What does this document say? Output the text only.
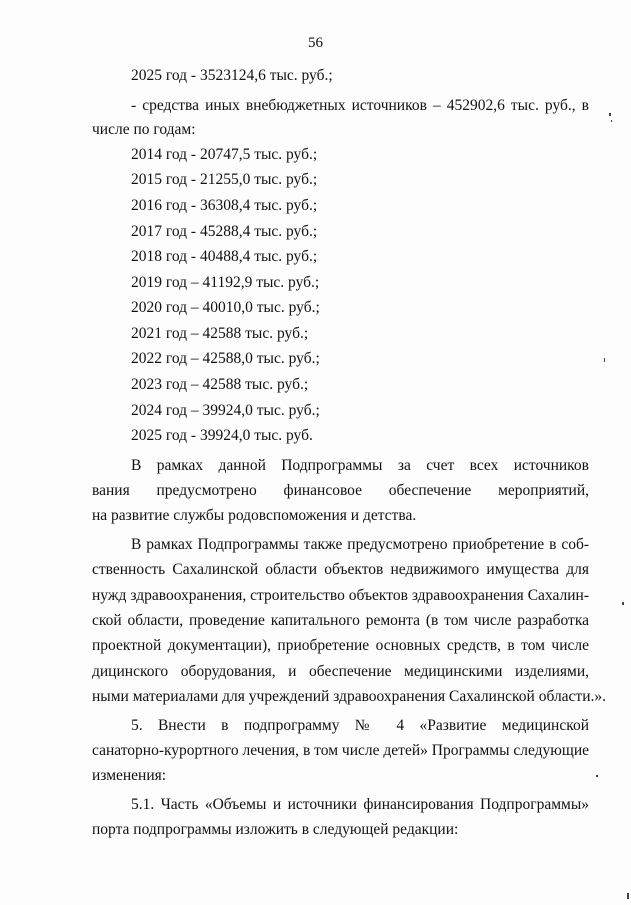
56
2025 год - 3523124,6 тыс. руб.;
- средства иных внебюджетных источников – 452902,6 тыс. руб., в
числе по годам:
2014 год - 20747,5 тыс. руб.;
2015 год - 21255,0 тыс. руб.;
2016 год - 36308,4 тыс. руб.;
2017 год - 45288,4 тыс. руб.;
2018 год - 40488,4 тыс. руб.;
2019 год – 41192,9 тыс. руб.;
2020 год – 40010,0 тыс. руб.;
2021 год – 42588 тыс. руб.;
2022 год – 42588,0 тыс. руб.;
2023 год – 42588 тыс. руб.;
2024 год – 39924,0 тыс. руб.;
2025 год - 39924,0 тыс. руб.
В рамках данной Подпрограммы за счет всех источников
вания предусмотрено финансовое обеспечение мероприятий,
на развитие службы родовспоможения и детства.
В рамках Подпрограммы также предусмотрено приобретение в соб-
ственность Сахалинской области объектов недвижимого имущества для
нужд здравоохранения, строительство объектов здравоохранения Сахалин-
ской области, проведение капитального ремонта (в том числе разработка
проектной документации), приобретение основных средств, в том числе
дицинского оборудования, и обеспечение медицинскими изделиями,
ными материалами для учреждений здравоохранения Сахалинской области.».
5. Внести в подпрограмму № 4 «Развитие медицинской
санаторно-курортного лечения, в том числе детей» Программы следующие
изменения:
5.1. Часть «Объемы и источники финансирования Подпрограммы»
порта подпрограммы изложить в следующей редакции:
